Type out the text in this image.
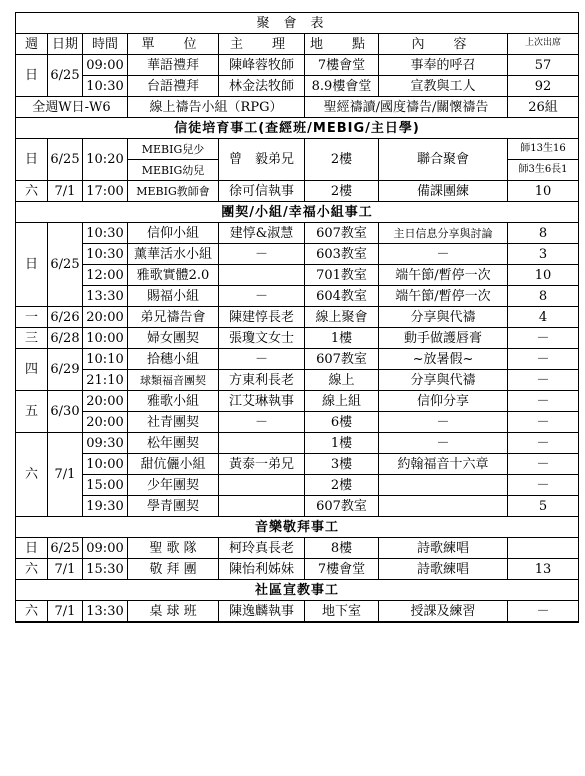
聚會表							
週	日期	時間	單　位	主　理	地　點	內　容	上次出席
日	6/25	09:00	華語禮拜	陳峰蓉牧師	7樓會堂	事奉的呼召	57
		10:30	台語禮拜	林金法牧師	8.9樓會堂	宣教與工人	92
全週W日-W6			線上禱告小組（RPG）		聖經禱讀/國度禱告/關懷禱告		26組
信徒培育事工(查經班/MEBIG/主日學)							
日	6/25	10:20	MEBIG兒少	曾　毅弟兄	2樓	聯合聚會	師13生16
			MEBIG幼兒				師3生6長1
六	7/1	17:00	MEBIG教師會	徐可信執事	2樓	備課團練	10
團契/小組/幸福小組事工							
日	6/25	10:30	信仰小組	建惇&淑慧	607教室	主日信息分享與討論	8
		10:30	薰華活水小組	－	603教室	－	3
		12:00	雅歌實體2.0		701教室	端午節/暫停一次	10
		13:30	賜福小組	－	604教室	端午節/暫停一次	8
一	6/26	20:00	弟兄禱告會	陳建惇長老	線上聚會	分享與代禱	4
三	6/28	10:00	婦女團契	張瓊文女士	1樓	動手做護唇膏	－
四	6/29	10:10	拾穗小組	－	607教室	~放暑假~	－
		21:10	球類福音團契	方東利長老	線上	分享與代禱	－
五	6/30	20:00	雅歌小組	江艾琳執事	線上組	信仰分享	－
		20:00	社青團契	－	6樓	－	－
六	7/1	09:30	松年團契		1樓	－	－
		10:00	甜伉儷小組	黃泰一弟兄	3樓	約翰福音十六章	－
		15:00	少年團契		2樓		－
		19:30	學青團契		607教室		5
音樂敬拜事工							
日	6/25	09:00	聖 歌 隊	柯玲真長老	8樓	詩歌練唱	
六	7/1	15:30	敬 拜 團	陳怡利姊妹	7樓會堂	詩歌練唱	13
社區宣教事工							
六	7/1	13:30	桌 球 班	陳逸麟執事	地下室	授課及練習	－
